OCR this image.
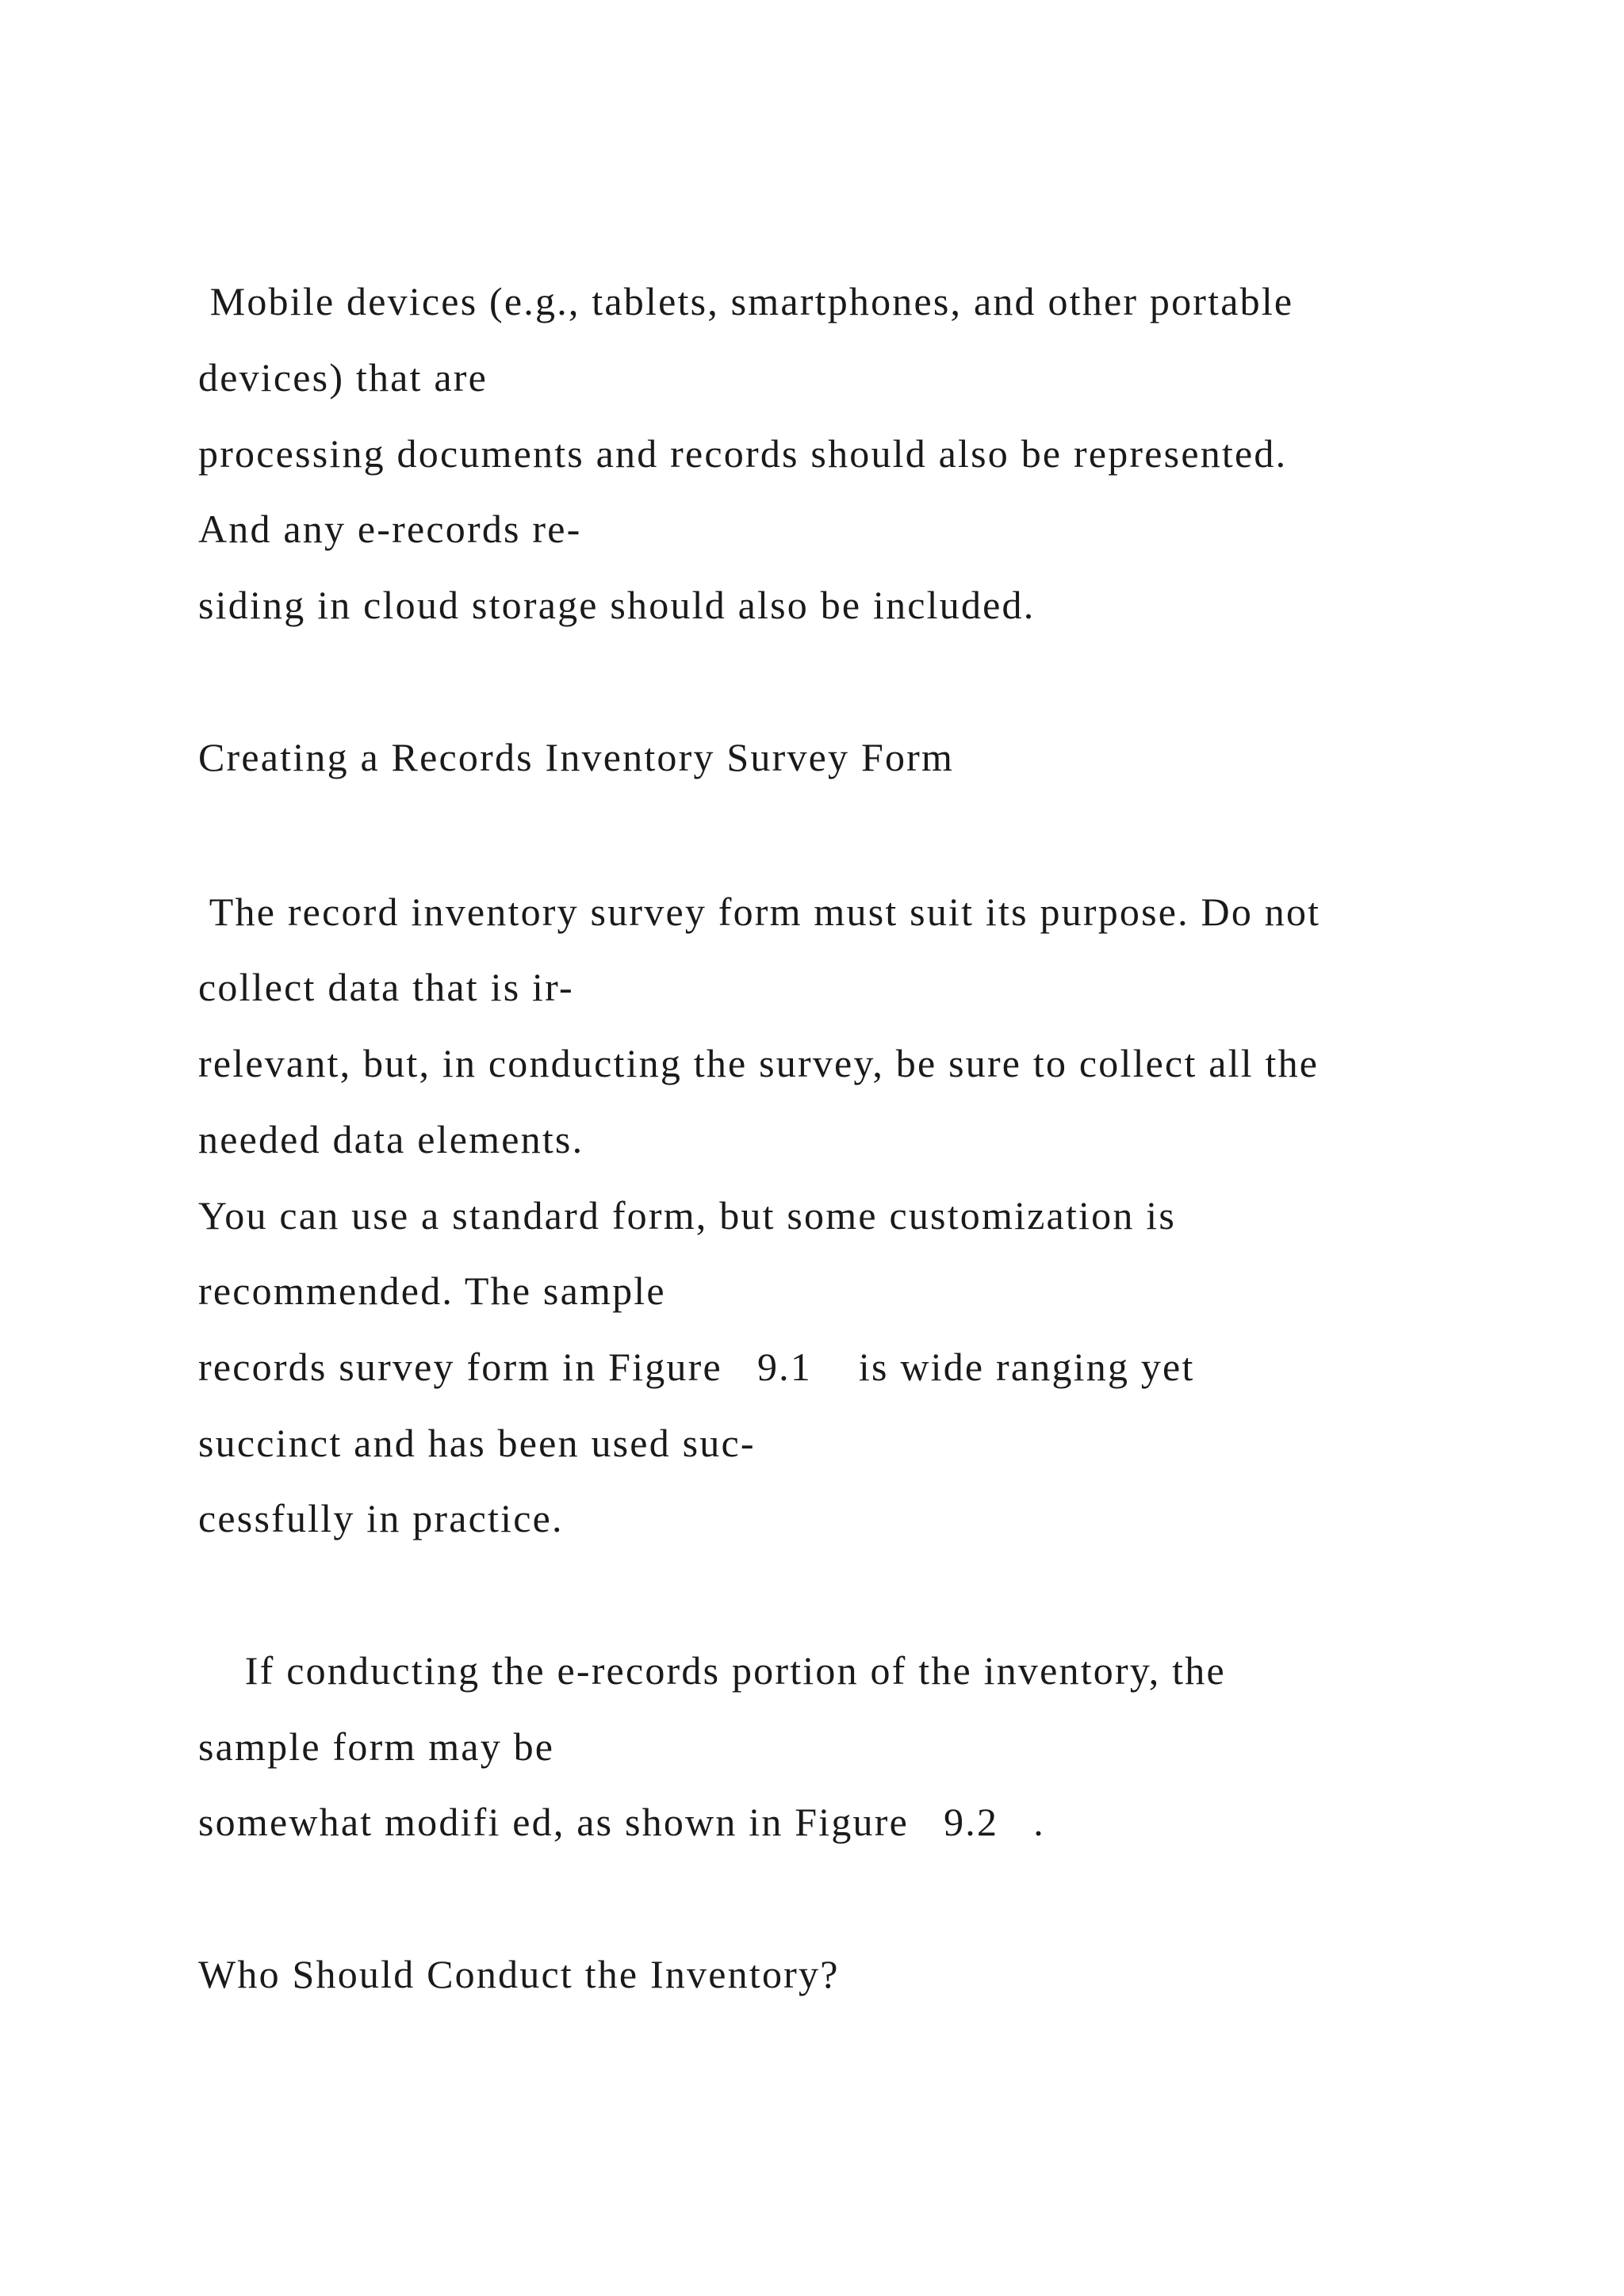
Mobile devices (e.g., tablets, smartphones, and other portable

devices) that are

processing documents and records should also be represented.

And any e-records re-

siding in cloud storage should also be included.

Creating a Records Inventory Survey Form

The record inventory survey form must suit its purpose. Do not

collect data that is ir-

relevant, but, in conducting the survey, be sure to collect all the

needed data elements.

You can use a standard form, but some customization is

recommended. The sample

records survey form in Figure   9.1    is wide ranging yet

succinct and has been used suc-

cessfully in practice.

If conducting the e-records portion of the inventory, the

sample form may be

somewhat modifi ed, as shown in Figure   9.2   .

Who Should Conduct the Inventory?
